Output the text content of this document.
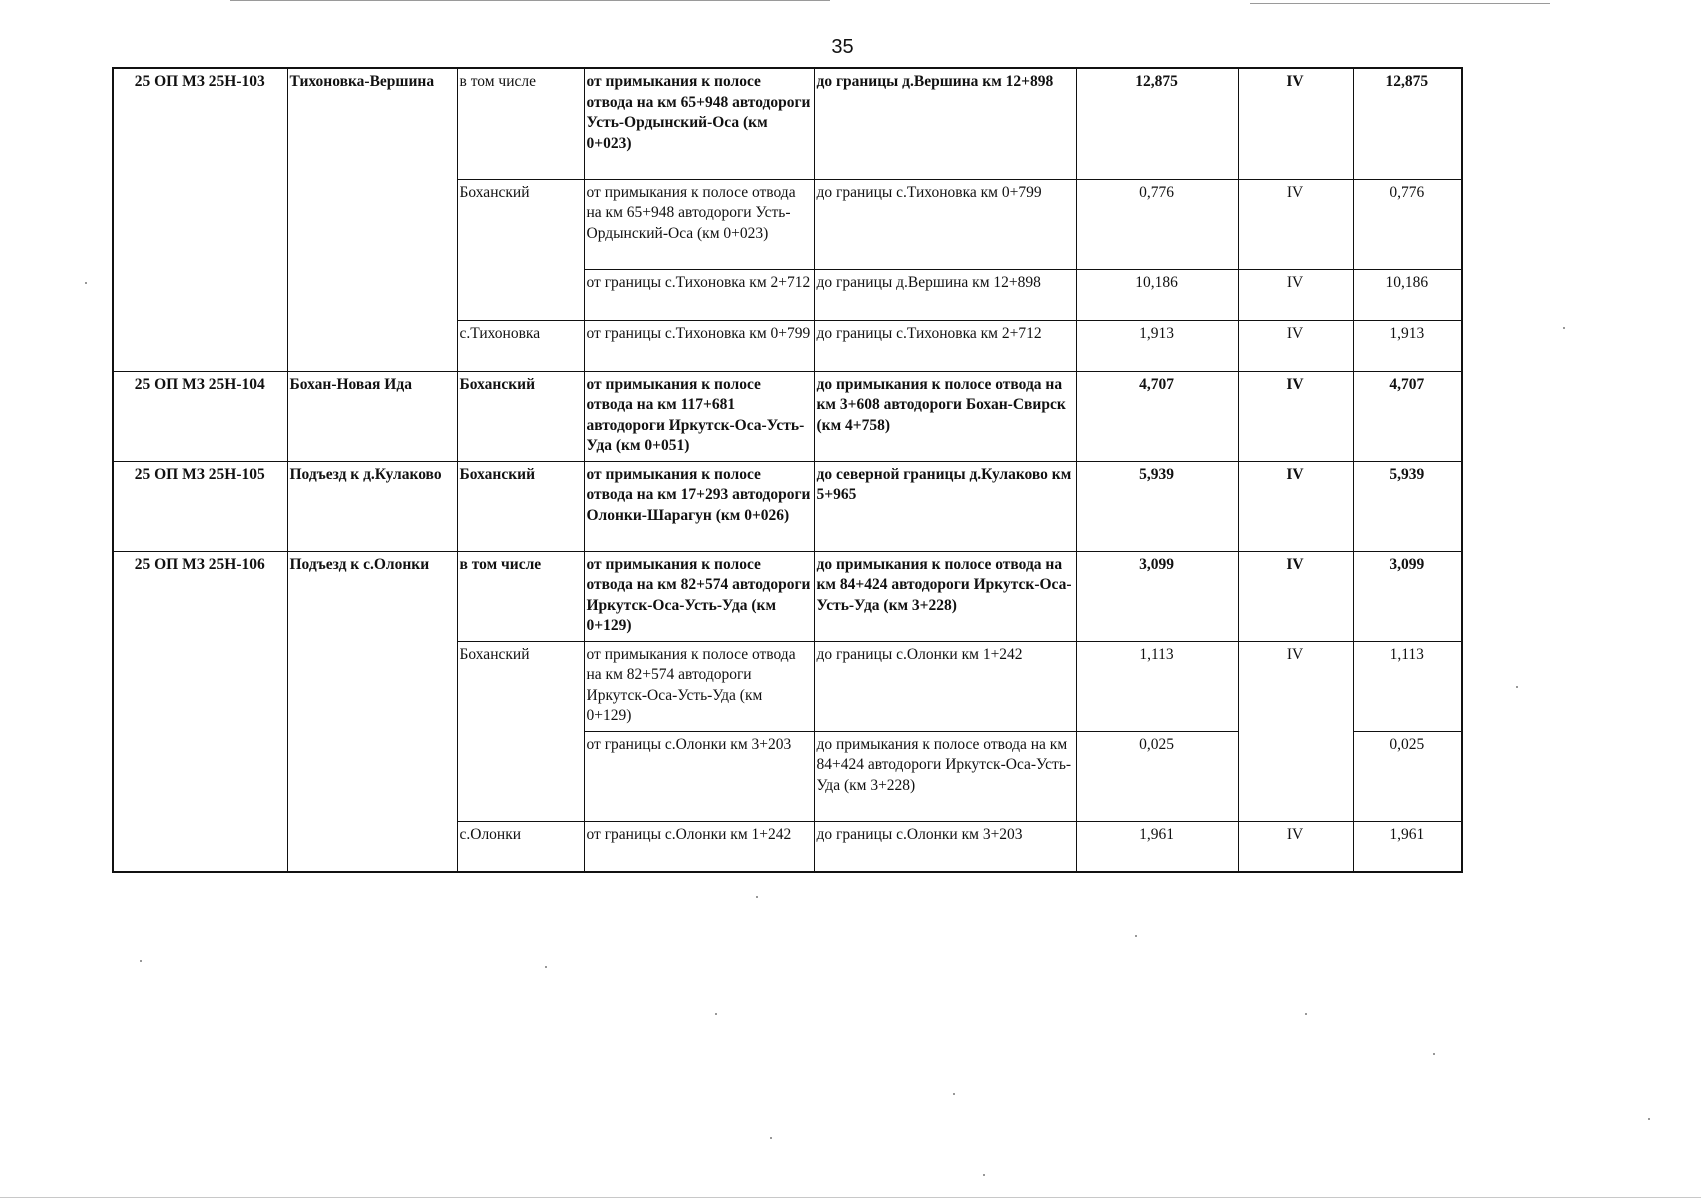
35
25 ОП МЗ 25Н-103	Тихоновка-Вершина	в том числе	от примыкания к полосе отвода на км 65+948 автодороги Усть-Ордынский-Оса (км 0+023)	до границы д.Вершина км 12+898	12,875	IV	12,875
		Боханский	от примыкания к полосе отвода на км 65+948 автодороги Усть-Ордынский-Оса (км 0+023)	до границы с.Тихоновка км 0+799	0,776	IV	0,776
			от границы с.Тихоновка км 2+712	до границы д.Вершина км 12+898	10,186	IV	10,186
		с.Тихоновка	от границы с.Тихоновка км 0+799	до границы с.Тихоновка км 2+712	1,913	IV	1,913
25 ОП МЗ 25Н-104	Бохан-Новая Ида	Боханский	от примыкания к полосе отвода на км 117+681 автодороги Иркутск-Оса-Усть-Уда (км 0+051)	до примыкания к полосе отвода на км 3+608 автодороги Бохан-Свирск (км 4+758)	4,707	IV	4,707
25 ОП МЗ 25Н-105	Подъезд к д.Кулаково	Боханский	от примыкания к полосе отвода на км 17+293 автодороги Олонки-Шарагун (км 0+026)	до северной границы д.Кулаково км 5+965	5,939	IV	5,939
25 ОП МЗ 25Н-106	Подъезд к с.Олонки	в том числе	от примыкания к полосе отвода на км 82+574 автодороги Иркутск-Оса-Усть-Уда (км 0+129)	до примыкания к полосе отвода на км 84+424 автодороги Иркутск-Оса-Усть-Уда (км 3+228)	3,099	IV	3,099
		Боханский	от примыкания к полосе отвода на км 82+574 автодороги Иркутск-Оса-Усть-Уда (км 0+129)	до границы с.Олонки км 1+242	1,113	IV	1,113
			от границы с.Олонки км 3+203	до примыкания к полосе отвода на км 84+424 автодороги Иркутск-Оса-Усть-Уда (км 3+228)	0,025		0,025
		с.Олонки	от границы с.Олонки км 1+242	до границы с.Олонки км 3+203	1,961	IV	1,961
